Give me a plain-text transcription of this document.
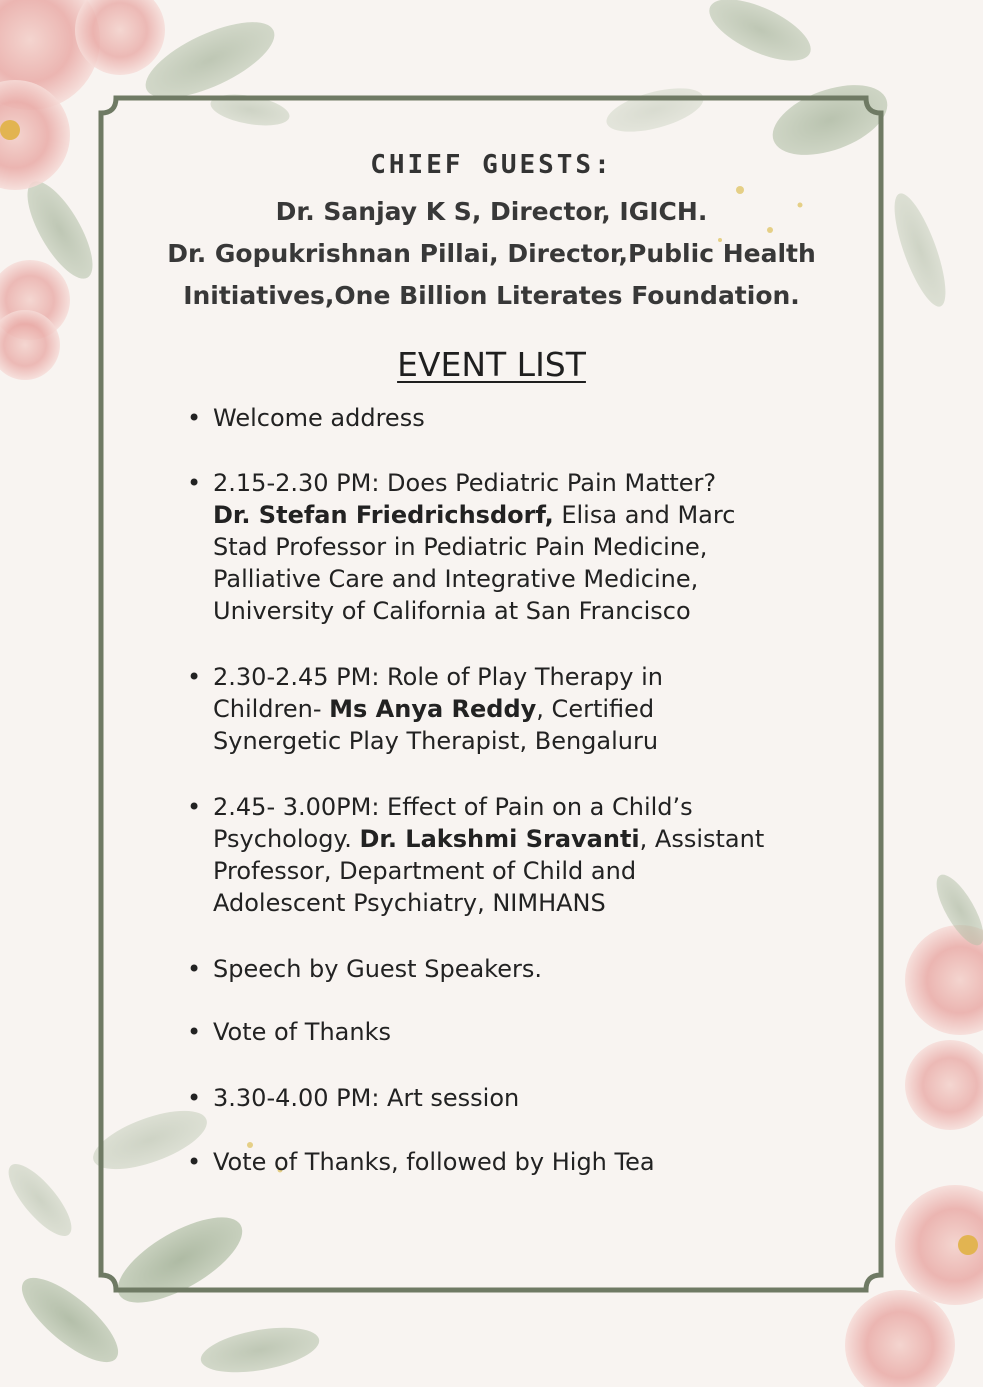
CHIEF GUESTS:
Dr. Sanjay K S, Director, IGICH.
Dr. Gopukrishnan Pillai, Director,Public Health
Initiatives,One Billion Literates Foundation.
EVENT LIST
• Welcome address
• 2.15-2.30 PM: Does Pediatric Pain Matter?
Dr. Stefan Friedrichsdorf, Elisa and Marc
Stad Professor in Pediatric Pain Medicine,
Palliative Care and Integrative Medicine,
University of California at San Francisco
• 2.30-2.45 PM: Role of Play Therapy in
Children- Ms Anya Reddy, Certified
Synergetic Play Therapist, Bengaluru
• 2.45- 3.00PM: Effect of Pain on a Child’s
Psychology. Dr. Lakshmi Sravanti, Assistant
Professor, Department of Child and
Adolescent Psychiatry, NIMHANS
• Speech by Guest Speakers.
• Vote of Thanks
• 3.30-4.00 PM: Art session
• Vote of Thanks, followed by High Tea
